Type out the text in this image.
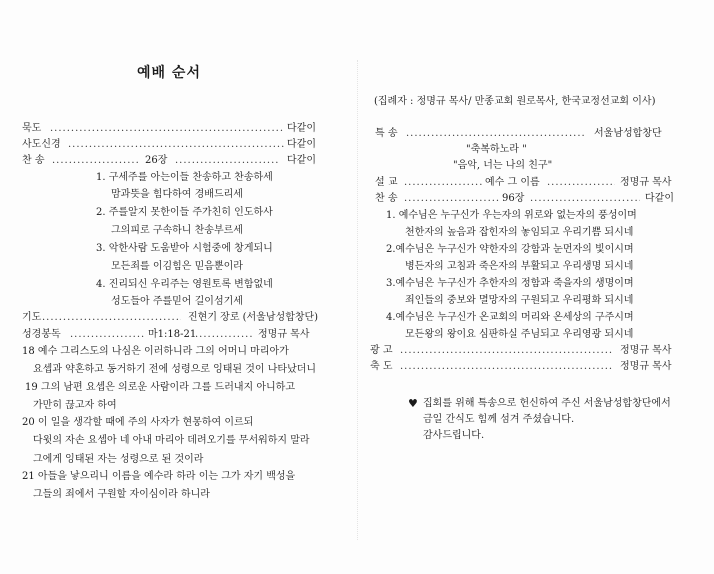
예배 순서
묵도 .....	다같이
사도신경 .....	다같이
찬 송 .....	26장 .....	다같이
1. 구세주를 아는이들 찬송하고 찬송하세
맘과뜻을 힘다하여 경배드리세
2. 주를알지 못한이들 주가친히 인도하사
그의피로 구속하니 찬송부르세
3. 악한사람 도움받아 시험중에 창게되니
모든죄를 이김힘은 믿음뿐이라
4. 진리되신 우리주는 영원토록 변함없네
성도들아 주를믿어 길이섬기세
기도 .....	진현기 장로 (서울남성합창단)
성경봉독 .....	마1:18-21 .....	정명규 목사
18 예수 그리스도의 나심은 이러하니라 그의 어머니 마리아가
요셉과 약혼하고 동거하기 전에 성령으로 잉태된 것이 나타났더니
19 그의 남편 요셉은 의로운 사람이라 그를 드러내지 아니하고
가만히 끊고자 하여
20 이 일을 생각할 때에 주의 사자가 현몽하여 이르되
다윗의 자손 요셉아 네 아내 마리아 데려오기를 무서워하지 말라
그에게 잉태된 자는 성령으로 된 것이라
21 아들을 낳으리니 이름을 예수라 하라 이는 그가 자기 백성을
그들의 죄에서 구원할 자이심이라 하니라
(집례자 : 정명규 목사/ 만종교회 원로목사, 한국교정선교회 이사)
특 송 .....	서울남성합창단
"축복하노라 "
"음악, 너는 나의 친구"
설 교 .....	예수 그 이름 .....	정명규 목사
찬 송 .....	96장 .....	다같이
1. 예수님은 누구신가 우는자의 위로와 없는자의 풍성이며
천한자의 높음과 잡힌자의 놓임되고 우리기쁨 되시네
2.예수님은 누구신가 약한자의 강함과 눈먼자의 빛이시며
병든자의 고침과 죽은자의 부활되고 우리생명 되시네
3.예수님은 누구신가 추한자의 정함과 죽을자의 생명이며
죄인들의 중보와 멸망자의 구원되고 우리평화 되시네
4.예수님은 누구신가 온교회의 머리와 온세상의 구주시며
모든왕의 왕이요 심판하실 주님되고 우리영광 되시네
광 고 .....	정명규 목사
축 도 .....	정명규 목사
♥ 집회를 위해 특송으로 헌신하여 주신 서울남성합창단에서
금일 간식도 힘께 섬겨 주셨습니다.
감사드립니다.
